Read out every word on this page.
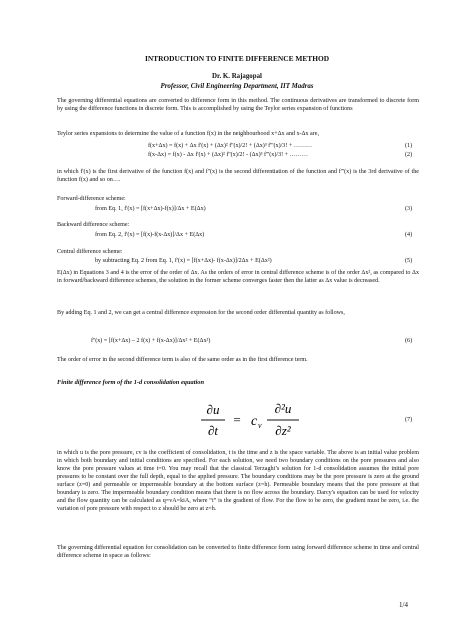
INTRODUCTION TO FINITE DIFFERENCE METHOD
Dr. K. Rajagopal
Professor, Civil Engineering Department, IIT Madras

The governing differential equations are converted to difference form in this method. The continuous derivatives are transformed to discrete form by using the difference functions in discrete form. This is accomplished by using the Teylor series expansion of functions

Teylor series expansions to determine the value of a function f(x) in the neighbourhood x+Δx and x-Δx are,

f(x+Δx) = f(x) + Δx f'(x) + (Δx)² f''(x)/2! + (Δx)³ f'''(x)/3! + ………	(1)
f(x-Δx) = f(x) - Δx f'(x) + (Δx)² f''(x)/2! - (Δx)³ f'''(x)/3! + ………	(2)

in which f'(x) is the first derivative of the function f(x) and f''(x) is the second differentiation of the function and f'''(x) is the 3rd derivative of the function f(x) and so on….

Forward-difference scheme:
from Eq. 1, f'(x) = [f(x+Δx)-f(x)]/Δx + E(Δx)	(3)
Backward difference scheme:
from Eq. 2, f'(x) = [f(x)-f(x-Δx)]/Δx + E(Δx)	(4)
Central difference scheme:
by subtracting Eq. 2 from Eq. 1, f'(x) = [f(x+Δx)- f(x-Δx)]/2Δx + E(Δx²)	(5)

E(Δx) in Equations 3 and 4 is the error of the order of Δx. As the orders of error in central difference scheme is of the order Δx², as compared to Δx in forward/backward difference schemes, the solution in the former scheme converges faster then the latter as Δx value is decreased.

By adding Eq. 1 and 2, we can get a central difference expression for the second order differential quantity as follows,

f''(x) = [f(x+Δx) – 2 f(x) + f(x-Δx)]/Δx² + E(Δx²)	(6)

The order of error in the second difference term is also of the same order as in the first difference term.

Finite difference form of the 1-d consolidation equation
∂u
∂t
= c v
∂²u
∂z²
(7)

in which u is the pore pressure, cv is the coefficient of consolidation, t is the time and z is the space variable. The above is an initial value problem in which both boundary and initial conditions are specified. For each solution, we need two boundary conditions on the pore pressures and also know the pore pressure values at time t=0. You may recall that the classical Terzaghi’s solution for 1-d consolidation assumes the initial pore pressures to be constant over the full depth, equal to the applied pressure. The boundary conditions may be the pore pressure is zero at the ground surface (z=0) and permeable or impermeable boundary at the bottom surface (z=h). Permeable boundary means that the pore pressure at that boundary is zero. The impermeable boundary condition means that there is no flow across the boundary. Darcy's equation can be used for velocity and the flow quantity can be calculated as q=vA=kiA, where “i” is the gradient of flow. For the flow to be zero, the gradient must be zero, i.e. the variation of pore pressure with respect to z should be zero at z=h.

The governing differential equation for consolidation can be converted to finite difference form using forward difference scheme in time and central difference scheme in space as follows:

1/4
